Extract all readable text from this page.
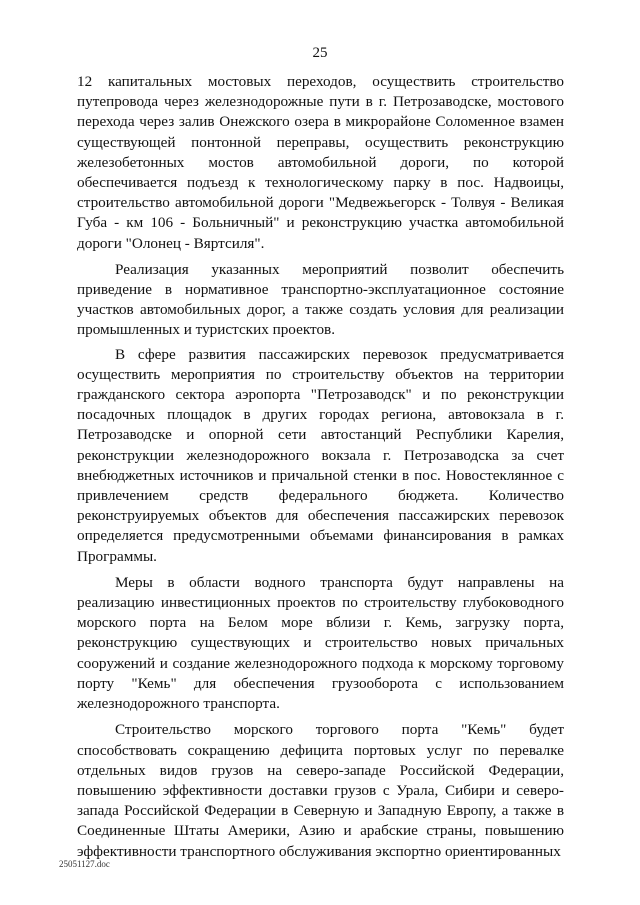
25

12 капитальных мостовых переходов, осуществить строительство путепровода через железнодорожные пути в г. Петрозаводске, мостового перехода через залив Онежского озера в микрорайоне Соломенное взамен существующей понтонной переправы, осуществить реконструкцию железобетонных мостов автомобильной дороги, по которой обеспечивается подъезд к технологическому парку в пос. Надвоицы, строительство автомобильной дороги "Медвежьегорск - Толвуя - Великая Губа - км 106 - Больничный" и реконструкцию участка автомобильной дороги "Олонец - Вяртсиля".

Реализация указанных мероприятий позволит обеспечить приведение в нормативное транспортно-эксплуатационное состояние участков автомобильных дорог, а также создать условия для реализации промышленных и туристских проектов.

В сфере развития пассажирских перевозок предусматривается осуществить мероприятия по строительству объектов на территории гражданского сектора аэропорта "Петрозаводск" и по реконструкции посадочных площадок в других городах региона, автовокзала в г. Петрозаводске и опорной сети автостанций Республики Карелия, реконструкции железнодорожного вокзала г. Петрозаводска за счет внебюджетных источников и причальной стенки в пос. Новостеклянное с привлечением средств федерального бюджета. Количество реконструируемых объектов для обеспечения пассажирских перевозок определяется предусмотренными объемами финансирования в рамках Программы.

Меры в области водного транспорта будут направлены на реализацию инвестиционных проектов по строительству глубоководного морского порта на Белом море вблизи г. Кемь, загрузку порта, реконструкцию существующих и строительство новых причальных сооружений и создание железнодорожного подхода к морскому торговому порту "Кемь" для обеспечения грузооборота с использованием железнодорожного транспорта.

Строительство морского торгового порта "Кемь" будет способствовать сокращению дефицита портовых услуг по перевалке отдельных видов грузов на северо-западе Российской Федерации, повышению эффективности доставки грузов с Урала, Сибири и северо-запада Российской Федерации в Северную и Западную Европу, а также в Соединенные Штаты Америки, Азию и арабские страны, повышению эффективности транспортного обслуживания экспортно ориентированных

25051127.doc
